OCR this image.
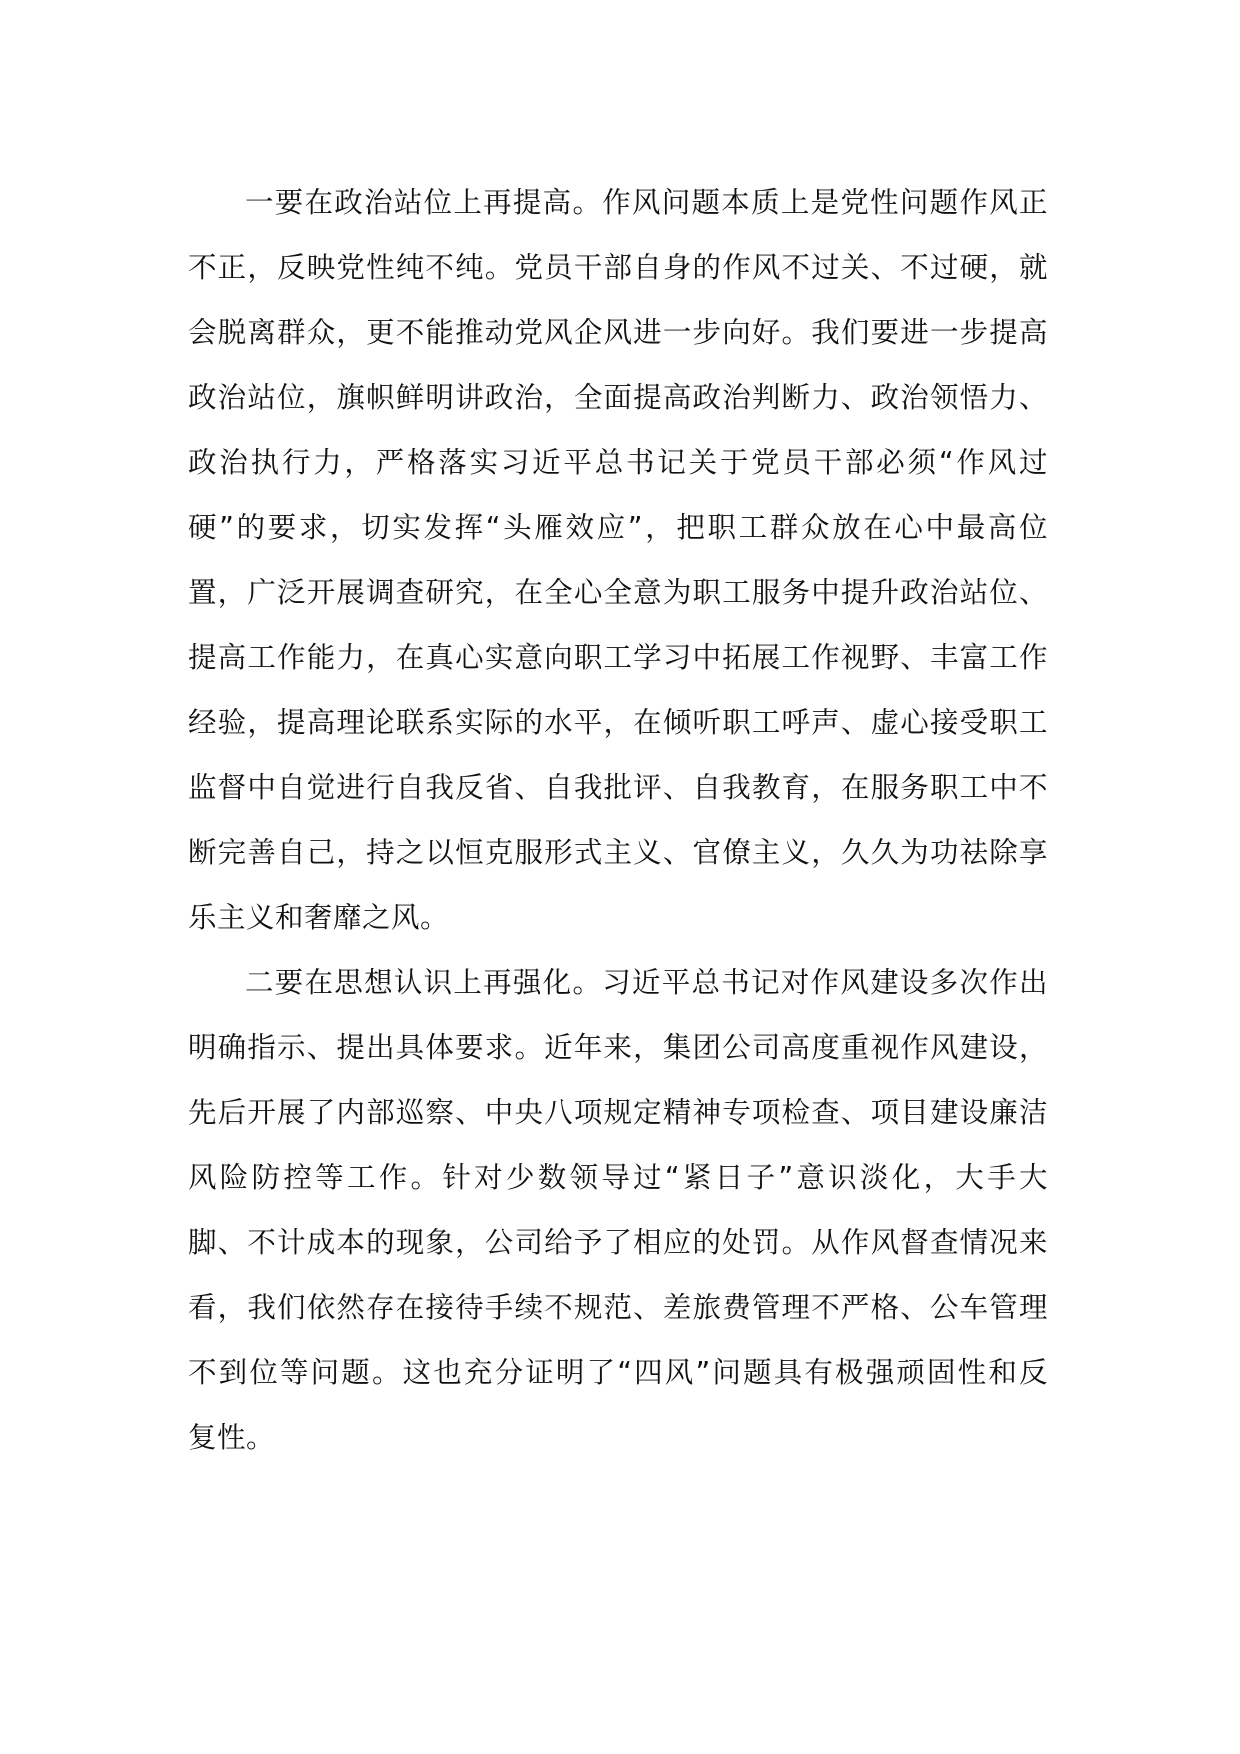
一要在政治站位上再提高。作风问题本质上是党性问题作风正
不正，反映党性纯不纯。党员干部自身的作风不过关、不过硬，就
会脱离群众，更不能推动党风企风进一步向好。我们要进一步提高
政治站位，旗帜鲜明讲政治，全面提高政治判断力、政治领悟力、
政治执行力，严格落实习近平总书记关于党员干部必须“作风过
硬”的要求，切实发挥“头雁效应”，把职工群众放在心中最高位
置，广泛开展调查研究，在全心全意为职工服务中提升政治站位、
提高工作能力，在真心实意向职工学习中拓展工作视野、丰富工作
经验，提高理论联系实际的水平，在倾听职工呼声、虚心接受职工
监督中自觉进行自我反省、自我批评、自我教育，在服务职工中不
断完善自己，持之以恒克服形式主义、官僚主义，久久为功祛除享
乐主义和奢靡之风。
二要在思想认识上再强化。习近平总书记对作风建设多次作出
明确指示、提出具体要求。近年来，集团公司高度重视作风建设，
先后开展了内部巡察、中央八项规定精神专项检查、项目建设廉洁
风险防控等工作。针对少数领导过“紧日子”意识淡化，大手大
脚、不计成本的现象，公司给予了相应的处罚。从作风督查情况来
看，我们依然存在接待手续不规范、差旅费管理不严格、公车管理
不到位等问题。这也充分证明了“四风”问题具有极强顽固性和反
复性。
